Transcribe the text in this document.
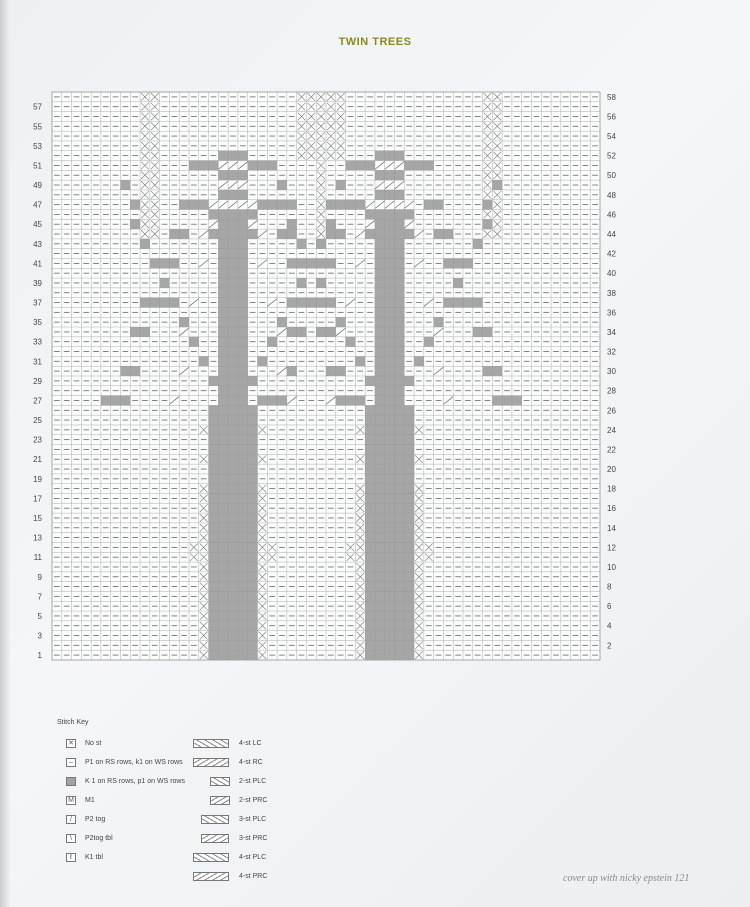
TWIN TREES
57
55
53
51
49
47
45
43
41
39
37
35
33
31
29
27
25
23
21
19
17
15
13
11
9
7
5
3
1
58
56
54
52
50
48
46
44
42
40
38
36
34
32
30
28
26
24
22
20
18
16
14
12
10
8
6
4
2
Stitch Key
✕ No st
–	P1 on RS rows, k1 on WS rows
K 1 on RS rows, p1 on WS rows
M M1
/	P2 tog
\	P2tog tbl
ℓ	K1 tbl
4-st LC
4-st RC
2-st PLC
2-st PRC
3-st PLC
3-st PRC
4-st PLC
4-st PRC	cover up with nicky epstein 121
